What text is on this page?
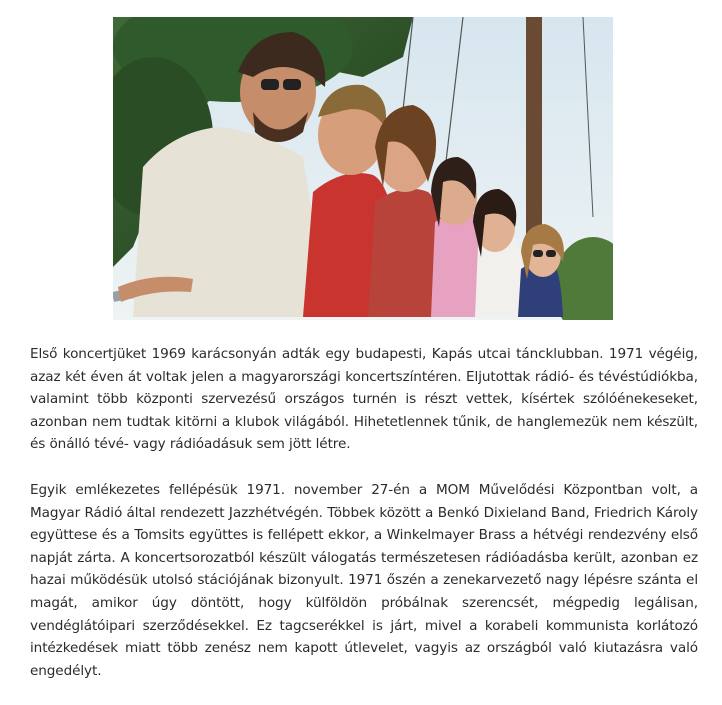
Első koncertjüket 1969 karácsonyán adták egy budapesti, Kapás utcai táncklubban. 1971 végéig, azaz két éven át voltak jelen a magyarországi koncertszíntéren. Eljutottak rádió- és tévéstúdiókba, valamint több központi szervezésű országos turnén is részt vettek, kísértek szólóénekeseket, azonban nem tudtak kitörni a klubok világából. Hihetetlennek tűnik, de hanglemezük nem készült, és önálló tévé- vagy rádióadásuk sem jött létre.

Egyik emlékezetes fellépésük 1971. november 27-én a MOM Művelődési Központban volt, a Magyar Rádió által rendezett Jazzhétvégén. Többek között a Benkó Dixieland Band, Friedrich Károly együttese és a Tomsits együttes is fellépett ekkor, a Winkelmayer Brass a hétvégi rendezvény első napját zárta. A koncertsorozatból készült válogatás természetesen rádióadásba került, azonban ez hazai működésük utolsó stációjának bizonyult. 1971 őszén a zenekarvezető nagy lépésre szánta el magát, amikor úgy döntött, hogy külföldön próbálnak szerencsét, mégpedig legálisan, vendéglátóipari szerződésekkel. Ez tagcserékkel is járt, mivel a korabeli kommunista korlátozó intézkedések miatt több zenész nem kapott útlevelet, vagyis az országból való kiutazásra való engedélyt.
